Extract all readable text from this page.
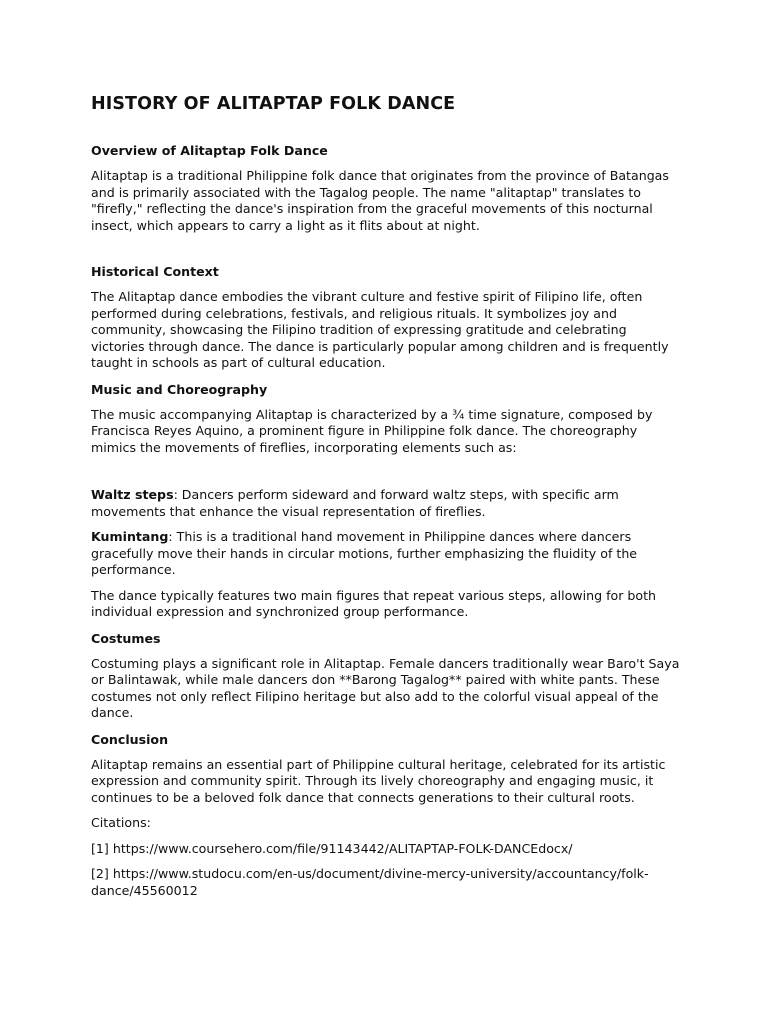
HISTORY OF ALITAPTAP FOLK DANCE
Overview of Alitaptap Folk Dance

Alitaptap is a traditional Philippine folk dance that originates from the province of Batangas and is primarily associated with the Tagalog people. The name "alitaptap" translates to "firefly," reflecting the dance's inspiration from the graceful movements of this nocturnal insect, which appears to carry a light as it flits about at night.

Historical Context

The Alitaptap dance embodies the vibrant culture and festive spirit of Filipino life, often performed during celebrations, festivals, and religious rituals. It symbolizes joy and community, showcasing the Filipino tradition of expressing gratitude and celebrating victories through dance. The dance is particularly popular among children and is frequently taught in schools as part of cultural education.

Music and Choreography

The music accompanying Alitaptap is characterized by a ¾ time signature, composed by Francisca Reyes Aquino, a prominent figure in Philippine folk dance. The choreography mimics the movements of fireflies, incorporating elements such as:

Waltz steps: Dancers perform sideward and forward waltz steps, with specific arm movements that enhance the visual representation of fireflies.

Kumintang: This is a traditional hand movement in Philippine dances where dancers gracefully move their hands in circular motions, further emphasizing the fluidity of the performance.

The dance typically features two main figures that repeat various steps, allowing for both individual expression and synchronized group performance.

Costumes

Costuming plays a significant role in Alitaptap. Female dancers traditionally wear Baro't Saya or Balintawak, while male dancers don **Barong Tagalog** paired with white pants. These costumes not only reflect Filipino heritage but also add to the colorful visual appeal of the dance.

Conclusion

Alitaptap remains an essential part of Philippine cultural heritage, celebrated for its artistic expression and community spirit. Through its lively choreography and engaging music, it continues to be a beloved folk dance that connects generations to their cultural roots.

Citations:

[1] https://www.coursehero.com/file/91143442/ALITAPTAP-FOLK-DANCEdocx/

[2] https://www.studocu.com/en-us/document/divine-mercy-university/accountancy/folk-dance/45560012
